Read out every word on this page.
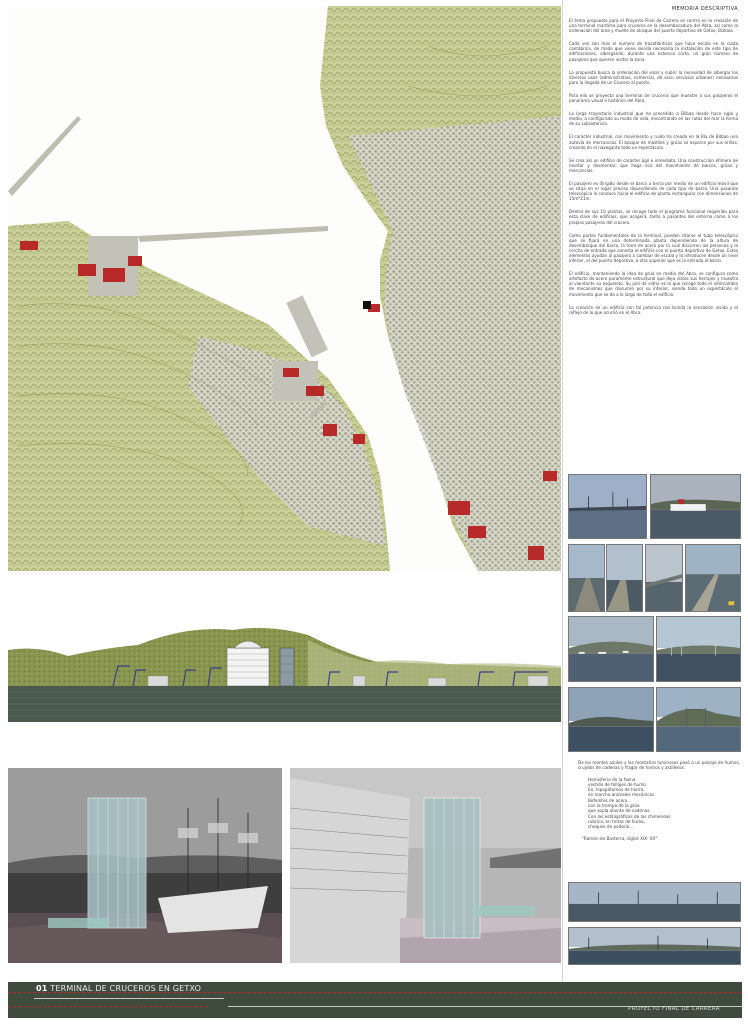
MEMORIA DESCRIPTIVA

El tema propuesto para el Proyecto Final de Carrera se centra en la creación de una terminal marítima para cruceros en la desembocadura del Abra, así como la ordenación del área y muelle de atraque del puerto deportivo de Getxo, Bizkaia.

Cada vez son más el número de trasatlánticos que hace escala en la costa cantábrica, de modo que viene siendo necesaria la instalación de este tipo de edificaciones, albergando, durante una estancia corta, un gran número de pasajeros que quieren visitar la zona.

La propuesta busca la ordenación del solar y cubrir la necesidad de albergar los diversos usos (administrativo, comercial, de ocio, servicios urbanos) necesarios para la llegada de un Crucero al puerto.

Para ello se proyecta una terminal de cruceros que muestre a sus pasajeros el panorama visual e histórico del Abra.

La larga trayectoria industrial que ha precedido a Bilbao desde hace siglo y medio, a configurado su modo de vida, encontrando en las rutas del mar la forma de su subsistencia.

El carácter industrial, con movimiento y ruido ha creado en la Ría de Bilbao una autovía de mercancías. El bosque de mástiles y grúas se esparce por sus orillas, creando en el navegante todo un espectáculo.

Se crea así un edificio de carácter ágil e inmediato. Una construcción efímera de montar y desmontar, que haga eco del movimiento de barcos, grúas y mercancías.

El pasajero es dirigido desde el barco a tierra por medio de un edificio móvil que se sitúa en el lugar preciso dependiendo de cada tipo de barco. Una pasarela telescópica lo conduce hacia el edificio de planta rectangular con dimensiones de 15m*21m.

Dentro de sus 10 plantas, se recoge todo el programa funcional requerido para esta clase de edificios, que acogerá, tanto a pasantes del entorno como a los propios pasajeros del crucero.

Como partes fundamentales de la terminal, pueden citarse el tubo telescópico que se fijará en una determinada planta dependiendo de la altura de desembarque del barco, la torre de acero por la cual discurren las personas y la cercha de entrada que conecta el edificio con el puerto deportivo de Getxo. Estos elementos ayudan al pasajero a cambiar de escala y lo introducen desde un nivel inferior, el del puerto deportivo, a otro superior que es la entrada al barco.

El edificio, manteniendo la idea de grúa en medio del Abra, se configura como artefacto de acero puramente estructural que deja vistos sus herrajes y muestra al viandante su esqueleto. Su piel de vidrio es la que recoge todo el intercambio de mecanismos que discurren por su interior, siendo todo un espectáculo el movimiento que se da a lo largo de todo el edificio.

La creación de un edificio con tal potencia nos brinda la sensación vívida y el reflejo de lo que ocurrió en el Abra.

De los montes azules y las montañas luminosas pasó a un paisaje de humos, crujidos de cadenas y fragor de hornos y astilleros.

Hemisferio de la faena

vestido de follajes de humo.

Eo, hipopótamos de hierro,

en marcha animales mecánicos.

Befonites de acero,

con la trompa de la grúa

que sopla aliento de cadenas.

Con las estilográficas de las chimeneas

rubrica, en tintas de humo,

cheques de poderío...

"Ramón de Basterra, siglos XIX- XX"

01 TERMINAL DE CRUCEROS EN GETXO
PROYECTO FINAL DE CARRERA
